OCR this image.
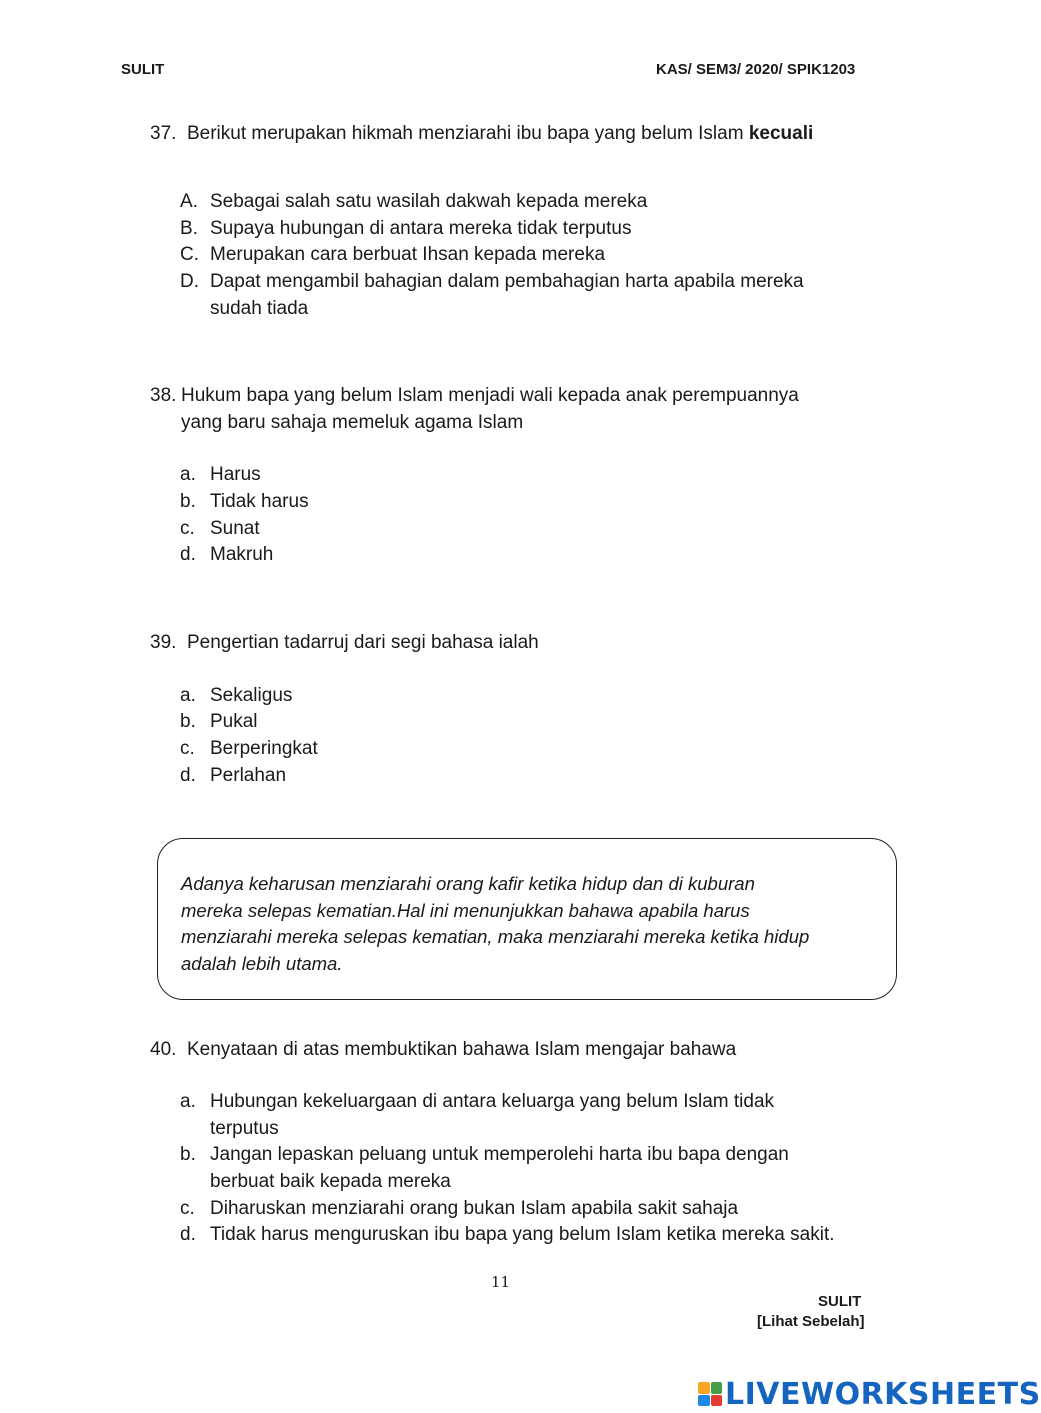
SULIT	KAS/ SEM3/ 2020/ SPIK1203
37. Berikut merupakan hikmah menziarahi ibu bapa yang belum Islam kecuali
A. Sebagai salah satu wasilah dakwah kepada mereka
B. Supaya hubungan di antara mereka tidak terputus
C. Merupakan cara berbuat Ihsan kepada mereka
D. Dapat mengambil bahagian dalam pembahagian harta apabila mereka
sudah tiada
38. Hukum bapa yang belum Islam menjadi wali kepada anak perempuannya
yang baru sahaja memeluk agama Islam
a. Harus
b. Tidak harus
c. Sunat
d. Makruh
39. Pengertian tadarruj dari segi bahasa ialah
a. Sekaligus
b. Pukal
c. Berperingkat
d. Perlahan
Adanya keharusan menziarahi orang kafir ketika hidup dan di kuburan
mereka selepas kematian.Hal ini menunjukkan bahawa apabila harus
menziarahi mereka selepas kematian, maka menziarahi mereka ketika hidup
adalah lebih utama.
40. Kenyataan di atas membuktikan bahawa Islam mengajar bahawa
a. Hubungan kekeluargaan di antara keluarga yang belum Islam tidak
terputus
b. Jangan lepaskan peluang untuk memperolehi harta ibu bapa dengan
berbuat baik kepada mereka
c. Diharuskan menziarahi orang bukan Islam apabila sakit sahaja
d. Tidak harus menguruskan ibu bapa yang belum Islam ketika mereka sakit.
11
SULIT
[Lihat Sebelah]
LIVEWORKSHEETS
